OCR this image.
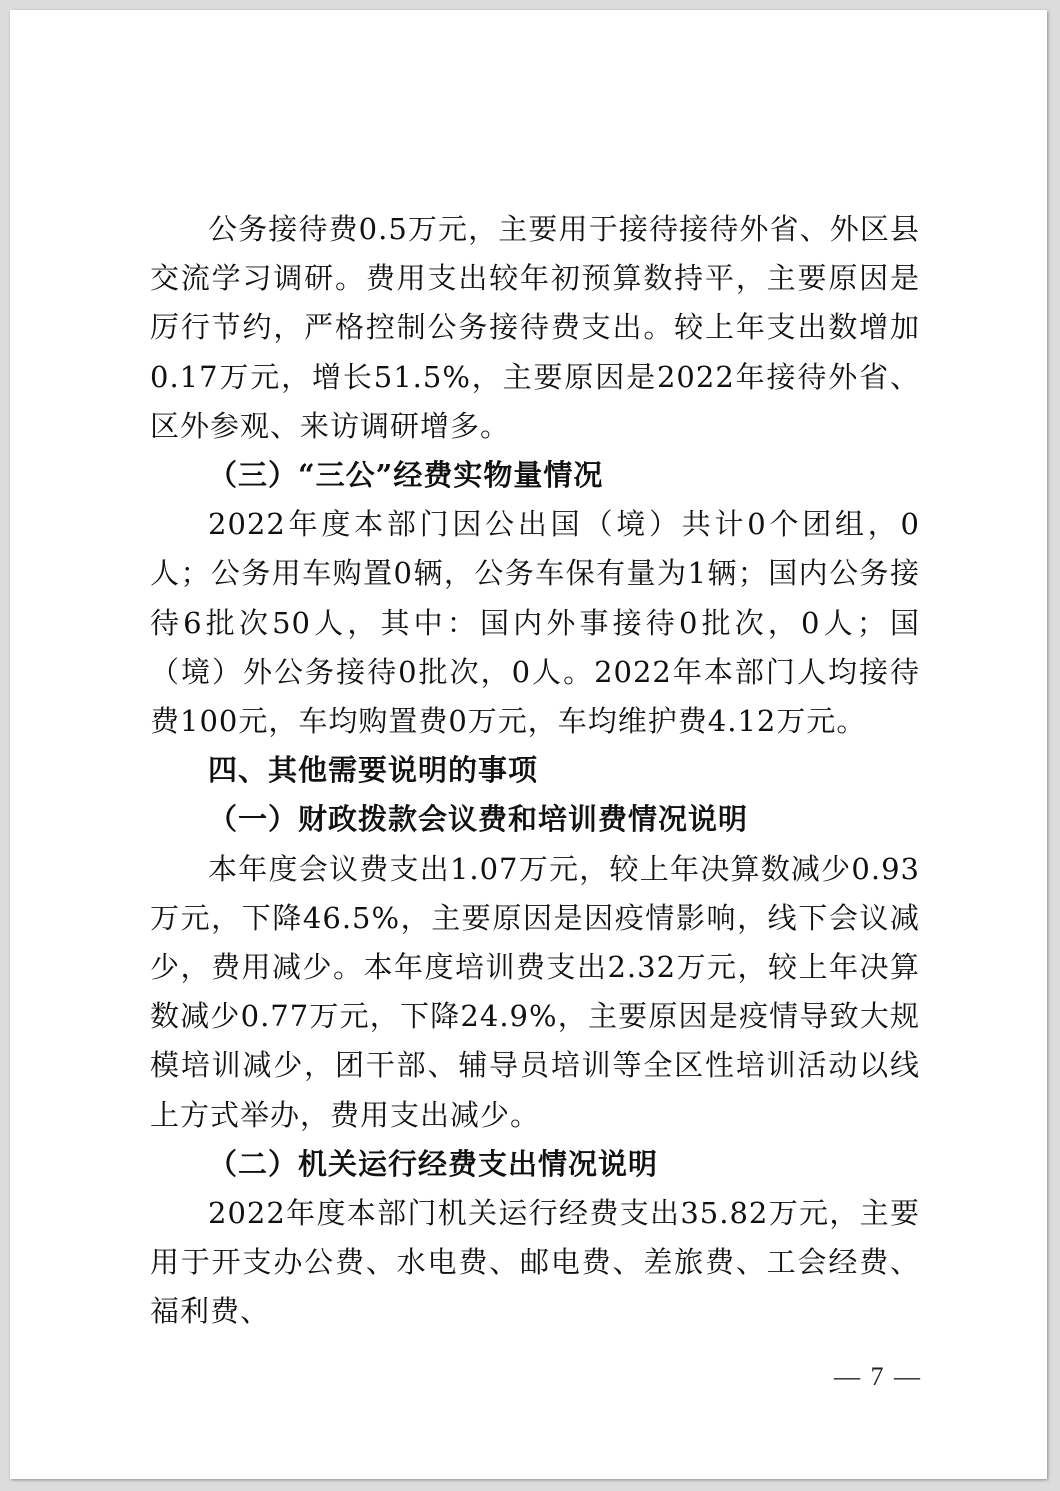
公务接待费0.5万元，主要用于接待接待外省、外区县交流学习调研。费用支出较年初预算数持平，主要原因是厉行节约，严格控制公务接待费支出。较上年支出数增加0.17万元，增长51.5%，主要原因是2022年接待外省、区外参观、来访调研增多。

（三）“三公”经费实物量情况

2022年度本部门因公出国（境）共计0个团组，0人；公务用车购置0辆，公务车保有量为1辆；国内公务接待6批次50人，其中：国内外事接待0批次，0人；国（境）外公务接待0批次，0人。2022年本部门人均接待费100元，车均购置费0万元，车均维护费4.12万元。

四、其他需要说明的事项

（一）财政拨款会议费和培训费情况说明

本年度会议费支出1.07万元，较上年决算数减少0.93万元，下降46.5%，主要原因是因疫情影响，线下会议减少，费用减少。本年度培训费支出2.32万元，较上年决算数减少0.77万元，下降24.9%，主要原因是疫情导致大规模培训减少，团干部、辅导员培训等全区性培训活动以线上方式举办，费用支出减少。

（二）机关运行经费支出情况说明

2022年度本部门机关运行经费支出35.82万元，主要用于开支办公费、水电费、邮电费、差旅费、工会经费、福利费、

— 7 —
